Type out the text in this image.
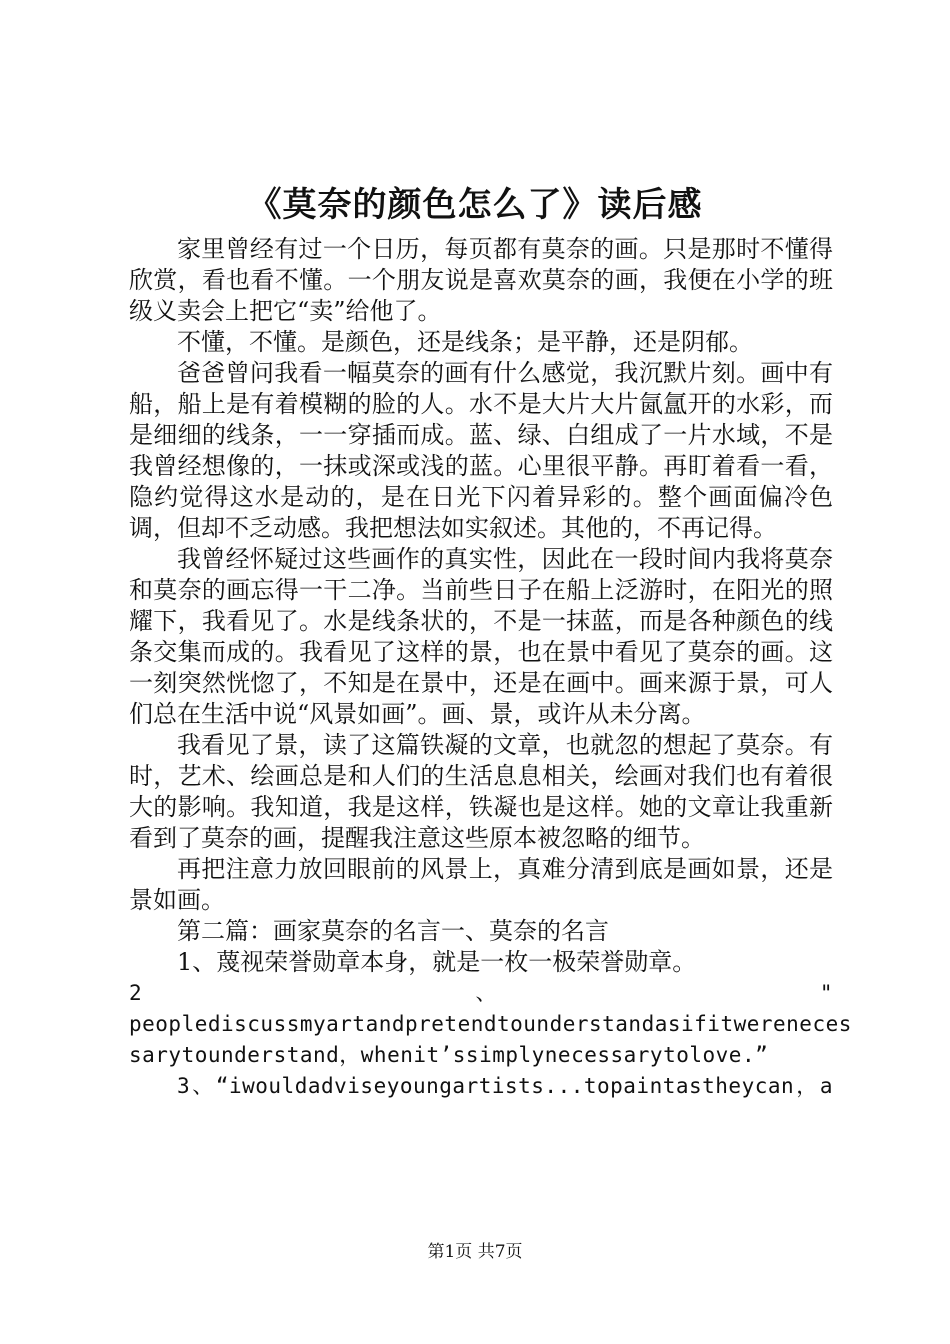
《莫奈的颜色怎么了》读后感

家里曾经有过一个日历，每页都有莫奈的画。只是那时不懂得欣赏，看也看不懂。一个朋友说是喜欢莫奈的画，我便在小学的班级义卖会上把它“卖”给他了。

不懂，不懂。是颜色，还是线条；是平静，还是阴郁。

爸爸曾问我看一幅莫奈的画有什么感觉，我沉默片刻。画中有船，船上是有着模糊的脸的人。水不是大片大片氤氲开的水彩，而是细细的线条，一一穿插而成。蓝、绿、白组成了一片水域，不是我曾经想像的，一抹或深或浅的蓝。心里很平静。再盯着看一看，隐约觉得这水是动的，是在日光下闪着异彩的。整个画面偏冷色调，但却不乏动感。我把想法如实叙述。其他的，不再记得。

我曾经怀疑过这些画作的真实性，因此在一段时间内我将莫奈和莫奈的画忘得一干二净。当前些日子在船上泛游时，在阳光的照耀下，我看见了。水是线条状的，不是一抹蓝，而是各种颜色的线条交集而成的。我看见了这样的景，也在景中看见了莫奈的画。这一刻突然恍惚了，不知是在景中，还是在画中。画来源于景，可人们总在生活中说“风景如画”。画、景，或许从未分离。

我看见了景，读了这篇铁凝的文章，也就忽的想起了莫奈。有时，艺术、绘画总是和人们的生活息息相关，绘画对我们也有着很大的影响。我知道，我是这样，铁凝也是这样。她的文章让我重新看到了莫奈的画，提醒我注意这些原本被忽略的细节。

再把注意力放回眼前的风景上，真难分清到底是画如景，还是景如画。

第二篇：画家莫奈的名言一、莫奈的名言

1、蔑视荣誉勋章本身，就是一枚一极荣誉勋章。

2　　　　、　　　　"

peoplediscussmyartandpretendtounderstandasifitwereneces

sarytounderstand，whenit’ssimplynecessarytolove.”

3、“iwouldadviseyoungartists...topaintastheycan，a

第1页 共7页
